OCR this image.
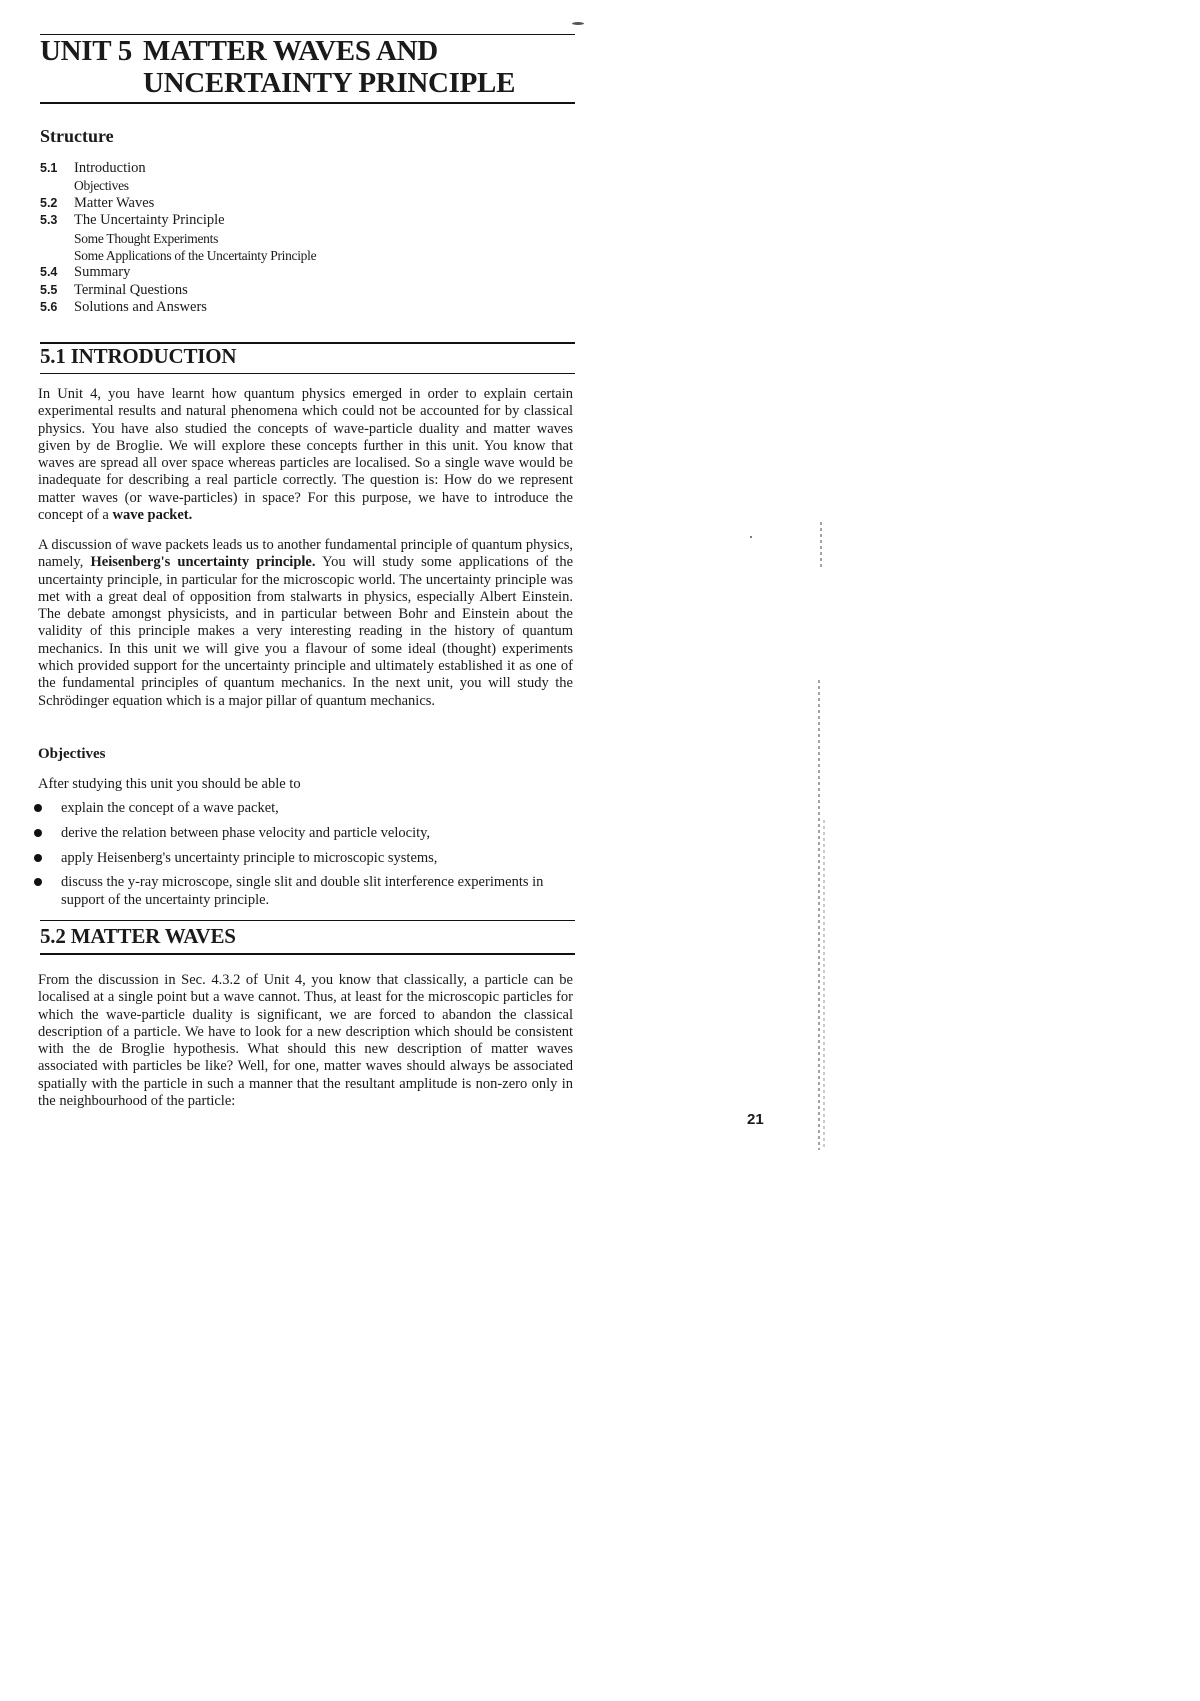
UNIT 5 MATTER WAVES AND
UNCERTAINTY PRINCIPLE
Structure
5.1 Introduction
Objectives
5.2 Matter Waves
5.3 The Uncertainty Principle
Some Thought Experiments
Some Applications of the Uncertainty Principle
5.4 Summary
5.5 Terminal Questions
5.6 Solutions and Answers
5.1 INTRODUCTION

In Unit 4, you have learnt how quantum physics emerged in order to explain certain experimental results and natural phenomena which could not be accounted for by classical physics. You have also studied the concepts of wave-particle duality and matter waves given by de Broglie. We will explore these concepts further in this unit. You know that waves are spread all over space whereas particles are localised. So a single wave would be inadequate for describing a real particle correctly. The question is: How do we represent matter waves (or wave-particles) in space? For this purpose, we have to introduce the concept of a wave packet.

A discussion of wave packets leads us to another fundamental principle of quantum physics, namely, Heisenberg's uncertainty principle. You will study some applications of the uncertainty principle, in particular for the microscopic world. The uncertainty principle was met with a great deal of opposition from stalwarts in physics, especially Albert Einstein. The debate amongst physicists, and in particular between Bohr and Einstein about the validity of this principle makes a very interesting reading in the history of quantum mechanics. In this unit we will give you a flavour of some ideal (thought) experiments which provided support for the uncertainty principle and ultimately established it as one of the fundamental principles of quantum mechanics. In the next unit, you will study the Schrödinger equation which is a major pillar of quantum mechanics.

Objectives
After studying this unit you should be able to
explain the concept of a wave packet,
derive the relation between phase velocity and particle velocity,
apply Heisenberg's uncertainty principle to microscopic systems,
discuss the y-ray microscope, single slit and double slit interference experiments in support of the uncertainty principle.
5.2 MATTER WAVES

From the discussion in Sec. 4.3.2 of Unit 4, you know that classically, a particle can be localised at a single point but a wave cannot. Thus, at least for the microscopic particles for which the wave-particle duality is significant, we are forced to abandon the classical description of a particle. We have to look for a new description which should be consistent with the de Broglie hypothesis. What should this new description of matter waves associated with particles be like? Well, for one, matter waves should always be associated spatially with the particle in such a manner that the resultant amplitude is non-zero only in the neighbourhood of the particle:

21
